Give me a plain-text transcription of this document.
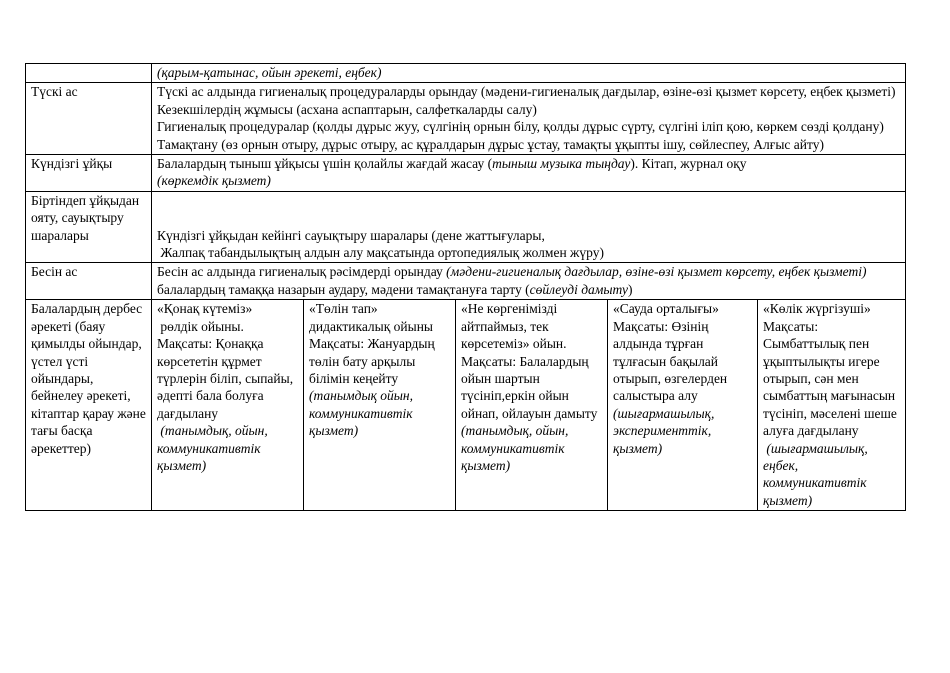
	(қарым-қатынас, ойын әрекеті, еңбек)				
Түскі ас	Түскі ас алдында гигиеналық процедураларды орындау (мәдени-гигиеналық дағдылар, өзіне-өзі қызмет көрсету, еңбек қызметі)
Кезекшілердің жұмысы (асхана аспаптарын, салфеткаларды салу)
Гигиеналық процедуралар (қолды дұрыс жуу, сүлгінің орнын білу, қолды дұрыс сүрту, сүлгіні іліп қою, көркем сөзді қолдану)
Тамақтану (өз орнын отыру, дұрыс отыру, ас құралдарын дұрыс ұстау, тамақты ұқыпты ішу, сөйлеспеу, Алғыс айту)				

Күндізгі ұйқы	Балалардың тыныш ұйқысы үшін қолайлы жағдай жасау (тыныш музыка тыңдау). Кітап, журнал оқу
(көркемдік қызмет)				
Біртіндеп ұйқыдан ояту, сауықтыру шаралары	Күндізгі ұйқыдан кейінгі сауықтыру шаралары (дене жаттығулары,
Жалпақ табандылықтың алдын алу мақсатында ортопедиялық жолмен жүру)				

Бесін ас	Бесін ас алдында гигиеналық рәсімдерді орындау (мәдени-гигиеналық дағдылар, өзіне-өзі қызмет көрсету, еңбек қызметі) балалардың тамаққа назарын аудару, мәдени тамақтануға тарту (сөйлеуді дамыту)				
Балалардың дербес әрекеті (баяу қимылды ойындар, үстел үсті ойындары, бейнелеу әрекеті, кітаптар қарау және тағы басқа әрекеттер)	«Қонақ күтеміз»
рөлдік ойыны.
Мақсаты: Қонаққа көрсететін құрмет түрлерін біліп, сыпайы, әдепті бала болуға дағдылану
(танымдық, ойын, коммуникативтік қызмет)	«Төлін тап»
дидактикалық ойыны
Мақсаты: Жануардың төлін бату арқылы білімін кеңейту
(танымдық ойын, коммуникативтік қызмет)	«Не көргенімізді айтпаймыз, тек көрсетеміз» ойын.
Мақсаты: Балалардың ойын шартын түсініп,еркін ойын ойнап, ойлауын дамыту
(танымдық, ойын, коммуникативтік қызмет)	«Сауда орталығы»
Мақсаты: Өзінің алдында тұрған тұлғасын бақылай отырып, өзгелерден салыстыра алу
(шығармашылық, эксперименттік, қызмет)	«Көлік жүргізуші»
Мақсаты: Сымбаттылық пен ұқыптылықты игере отырып, сән мен сымбаттың мағынасын түсініп, мәселені шеше алуға дағдылану
(шығармашылық, еңбек, коммуникативтік қызмет)
